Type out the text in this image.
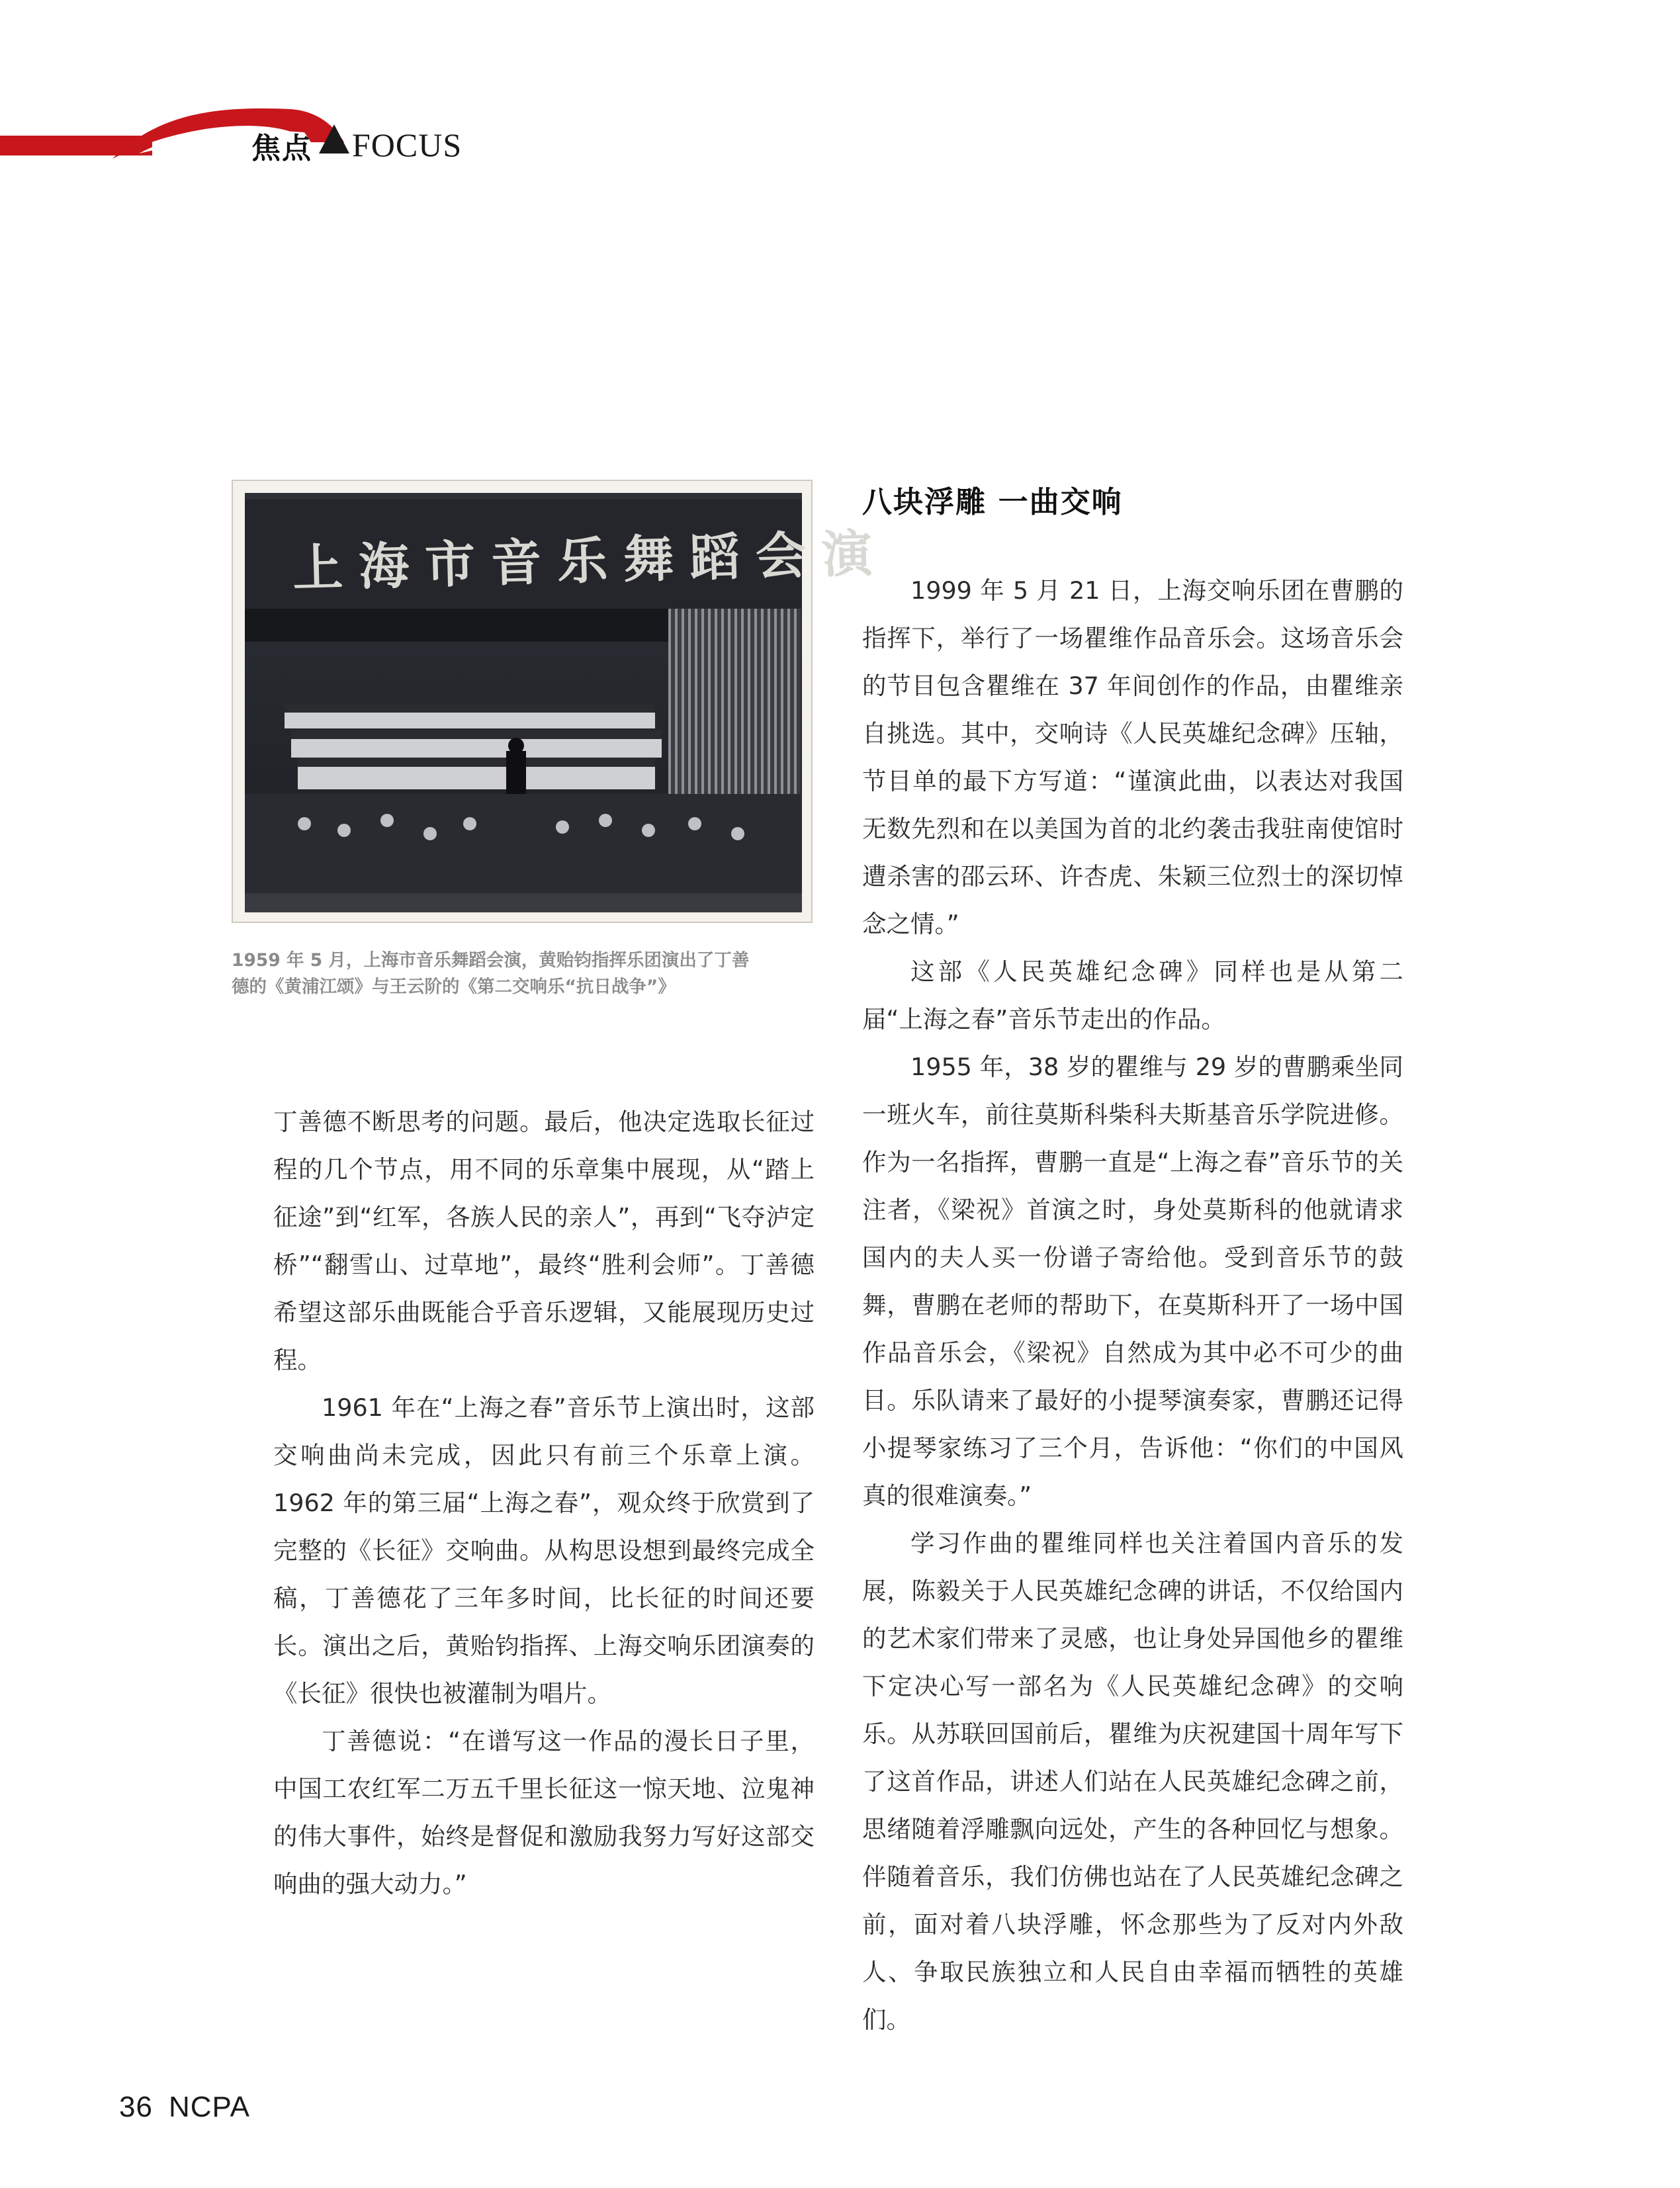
焦点 FOCUS
上海市音乐舞蹈会演

1959 年 5 月，上海市音乐舞蹈会演，黄贻钧指挥乐团演出了丁善

德的《黄浦江颂》与王云阶的《第二交响乐“抗日战争”》

丁善德不断思考的问题。最后，他决定选取长征过程的几个节点，用不同的乐章集中展现，从“踏上征途”到“红军，各族人民的亲人”，再到“飞夺泸定桥”“翻雪山、过草地”，最终“胜利会师”。丁善德希望这部乐曲既能合乎音乐逻辑，又能展现历史过程。

1961 年在“上海之春”音乐节上演出时，这部交响曲尚未完成，因此只有前三个乐章上演。1962 年的第三届“上海之春”，观众终于欣赏到了完整的《长征》交响曲。从构思设想到最终完成全稿，丁善德花了三年多时间，比长征的时间还要长。演出之后，黄贻钧指挥、上海交响乐团演奏的《长征》很快也被灌制为唱片。

丁善德说：“在谱写这一作品的漫长日子里，中国工农红军二万五千里长征这一惊天地、泣鬼神的伟大事件，始终是督促和激励我努力写好这部交响曲的强大动力。”

八块浮雕 一曲交响

1999 年 5 月 21 日，上海交响乐团在曹鹏的指挥下，举行了一场瞿维作品音乐会。这场音乐会的节目包含瞿维在 37 年间创作的作品，由瞿维亲自挑选。其中，交响诗《人民英雄纪念碑》压轴，节目单的最下方写道：“谨演此曲，以表达对我国无数先烈和在以美国为首的北约袭击我驻南使馆时遭杀害的邵云环、许杏虎、朱颖三位烈士的深切悼念之情。”

这部《人民英雄纪念碑》同样也是从第二届“上海之春”音乐节走出的作品。

1955 年，38 岁的瞿维与 29 岁的曹鹏乘坐同一班火车，前往莫斯科柴科夫斯基音乐学院进修。作为一名指挥，曹鹏一直是“上海之春”音乐节的关注者，《梁祝》首演之时，身处莫斯科的他就请求国内的夫人买一份谱子寄给他。受到音乐节的鼓舞，曹鹏在老师的帮助下，在莫斯科开了一场中国作品音乐会，《梁祝》自然成为其中必不可少的曲目。乐队请来了最好的小提琴演奏家，曹鹏还记得小提琴家练习了三个月，告诉他：“你们的中国风真的很难演奏。”

学习作曲的瞿维同样也关注着国内音乐的发展，陈毅关于人民英雄纪念碑的讲话，不仅给国内的艺术家们带来了灵感，也让身处异国他乡的瞿维下定决心写一部名为《人民英雄纪念碑》的交响乐。从苏联回国前后，瞿维为庆祝建国十周年写下了这首作品，讲述人们站在人民英雄纪念碑之前，思绪随着浮雕飘向远处，产生的各种回忆与想象。伴随着音乐，我们仿佛也站在了人民英雄纪念碑之前，面对着八块浮雕，怀念那些为了反对内外敌人、争取民族独立和人民自由幸福而牺牲的英雄们。

36 NCPA
